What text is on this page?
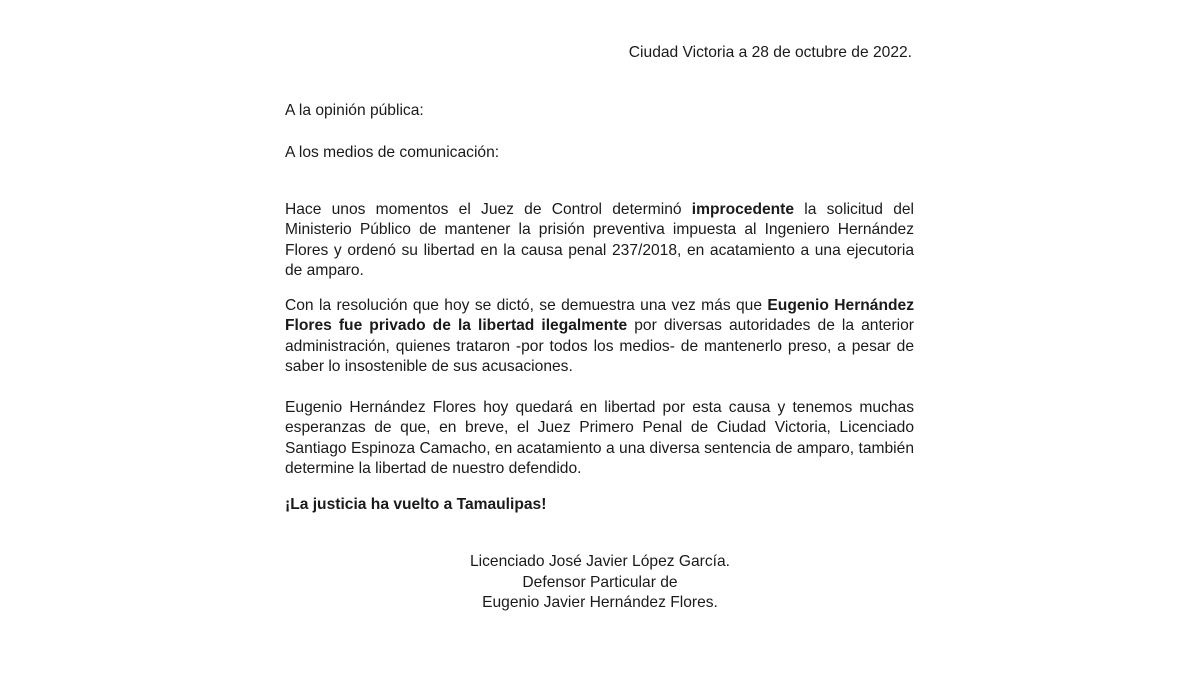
Ciudad Victoria a 28 de octubre de 2022.

A la opinión pública:

A los medios de comunicación:

Hace unos momentos el Juez de Control determinó improcedente la solicitud del Ministerio Público de mantener la prisión preventiva impuesta al Ingeniero Hernández Flores y ordenó su libertad en la causa penal 237/2018, en acatamiento a una ejecutoria de amparo.

Con la resolución que hoy se dictó, se demuestra una vez más que Eugenio Hernández Flores fue privado de la libertad ilegalmente por diversas autoridades de la anterior administración, quienes trataron -por todos los medios- de mantenerlo preso, a pesar de saber lo insostenible de sus acusaciones.

Eugenio Hernández Flores hoy quedará en libertad por esta causa y tenemos muchas esperanzas de que, en breve, el Juez Primero Penal de Ciudad Victoria, Licenciado Santiago Espinoza Camacho, en acatamiento a una diversa sentencia de amparo, también determine la libertad de nuestro defendido.

¡La justicia ha vuelto a Tamaulipas!

Licenciado José Javier López García.
Defensor Particular de
Eugenio Javier Hernández Flores.
